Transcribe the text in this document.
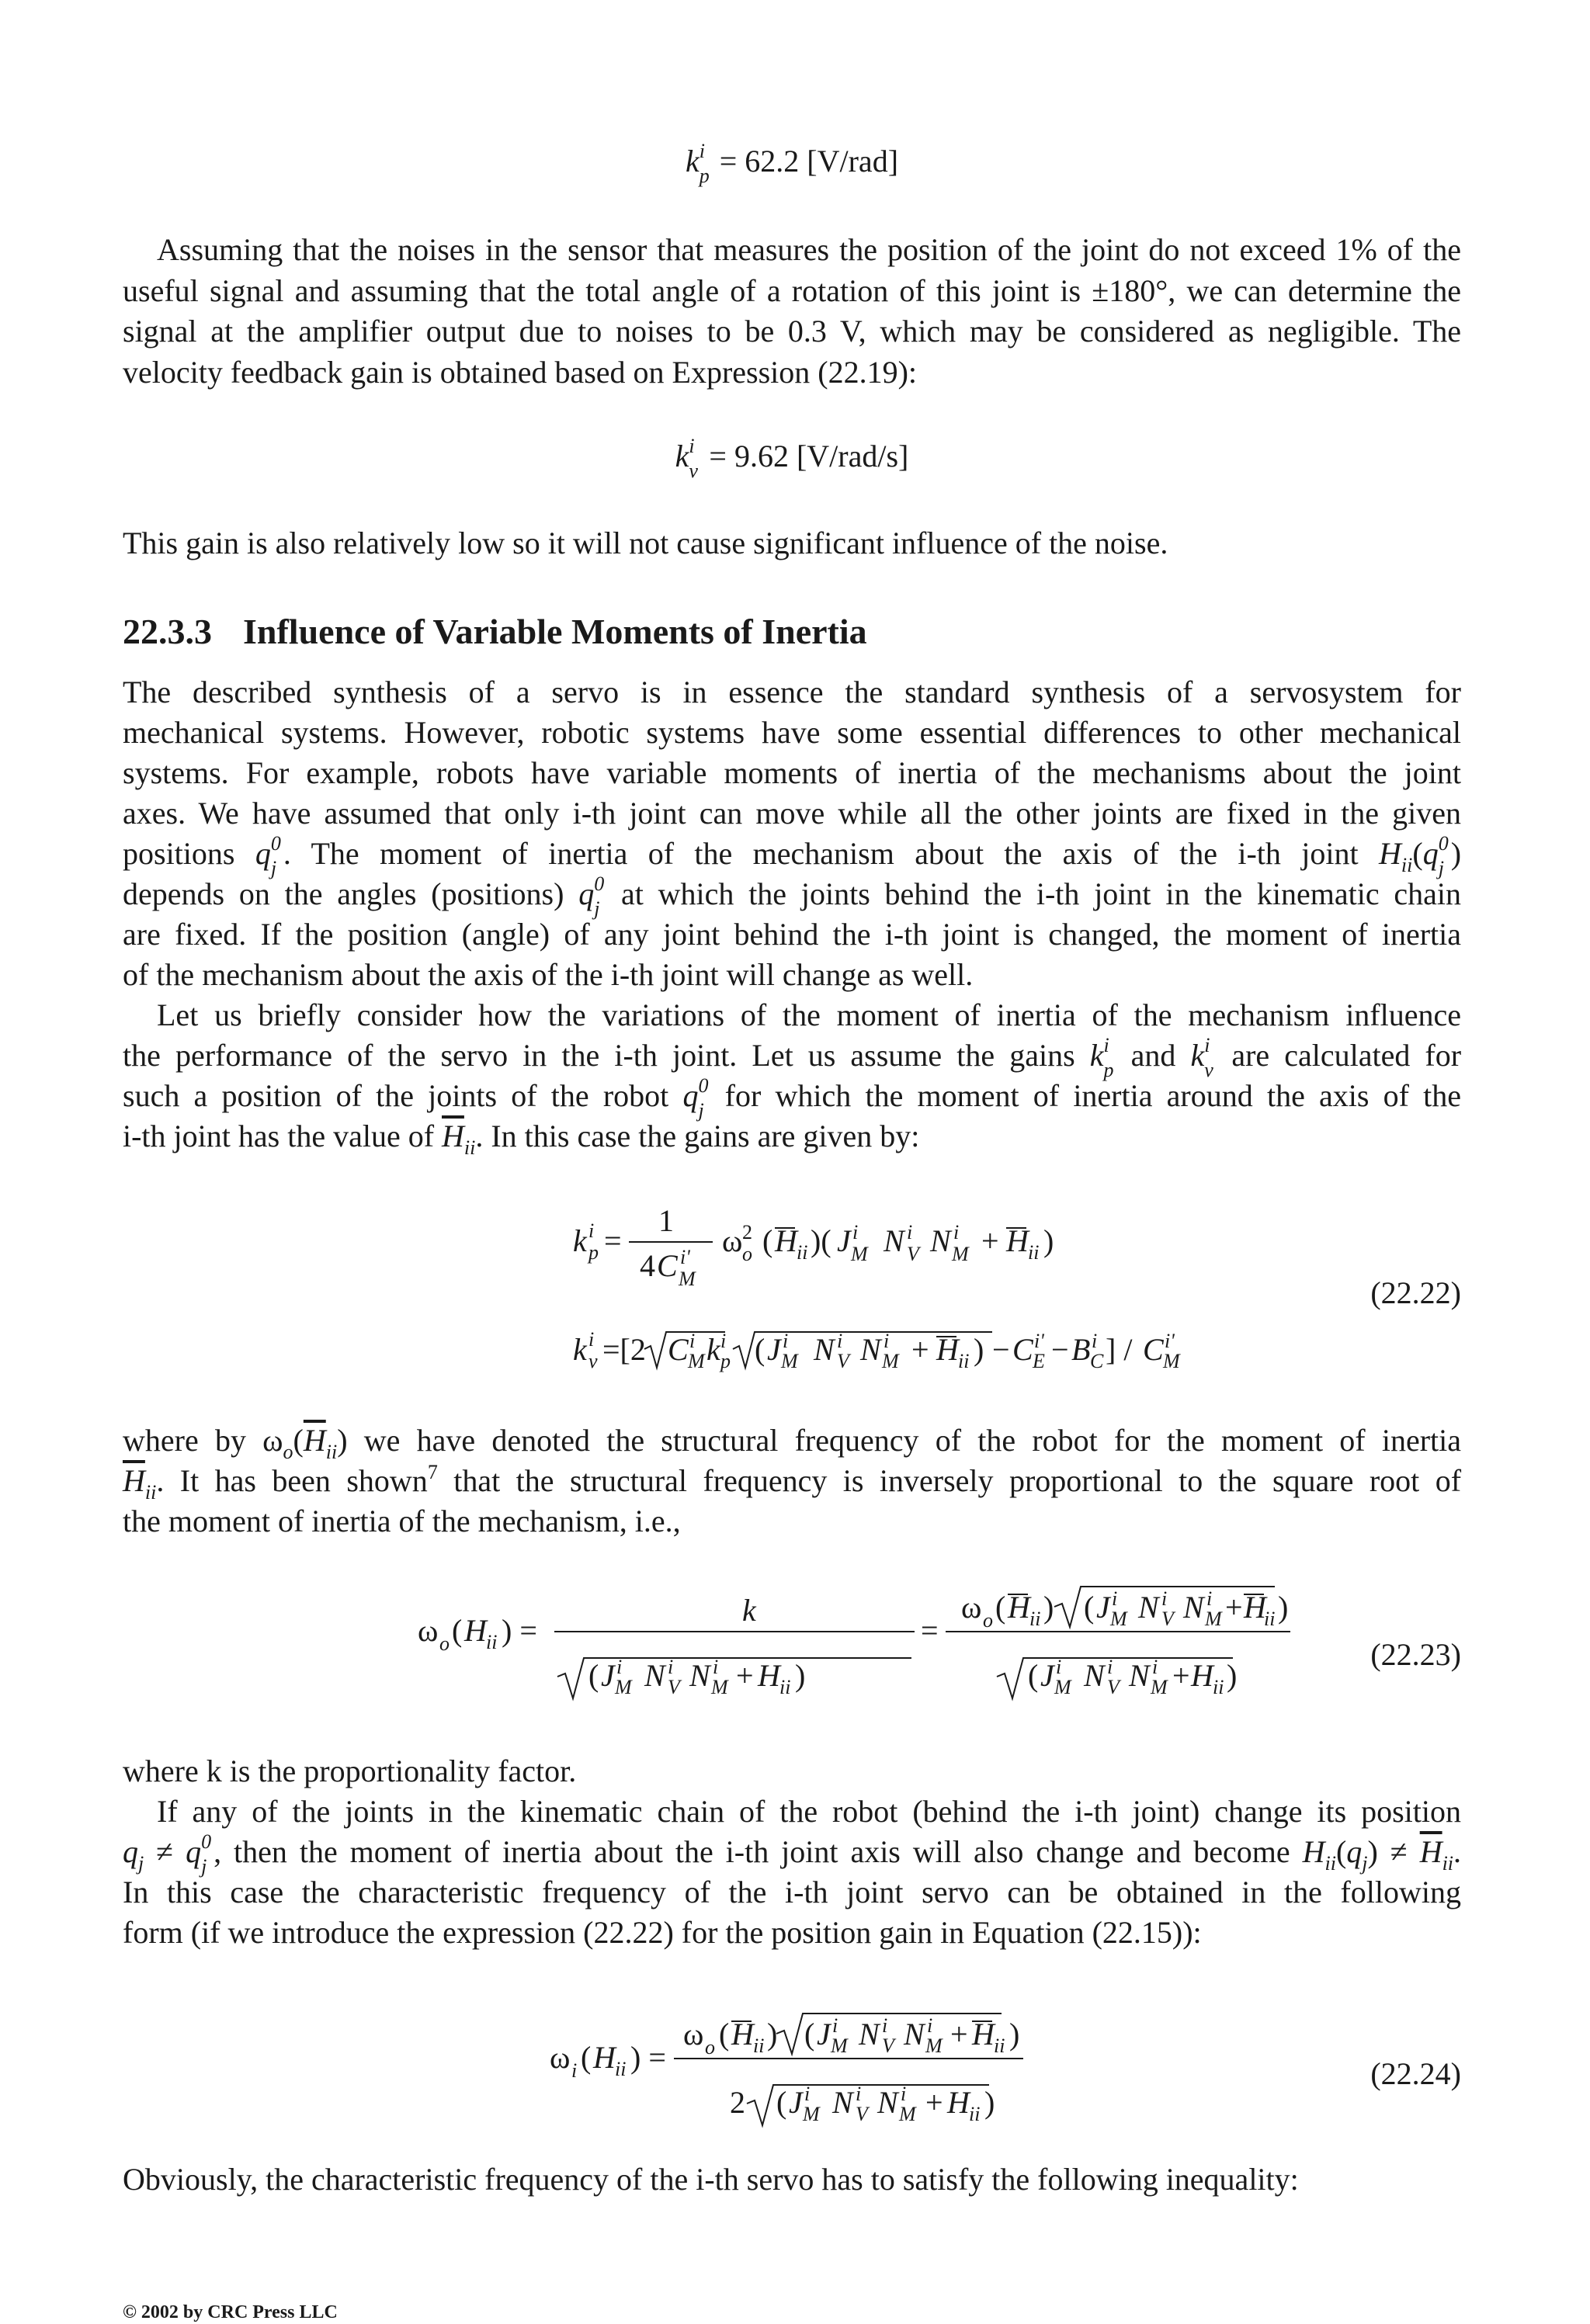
k i
p = 62.2 [V/rad]

Assuming that the noises in the sensor that measures the position of the joint do not exceed 1% of the useful signal and assuming that the total angle of a rotation of this joint is ±180°, we can determine the signal at the amplifier output due to noises to be 0.3 V, which may be considered as negligible. The velocity feedback gain is obtained based on Expression (22.19):

k i
v = 9.62 [V/rad/s]

This gain is also relatively low so it will not cause significant influence of the noise.

22.3.3 Influence of Variable Moments of Inertia

The described synthesis of a servo is in essence the standard synthesis of a servosystem for

mechanical systems. However, robotic systems have some essential differences to other mechanical

systems. For example, robots have variable moments of inertia of the mechanisms about the joint

axes. We have assumed that only i-th joint can move while all the other joints are fixed in the given

positions q 0
j . The moment of inertia of the mechanism about the axis of the i-th joint $H_{ii}(q$ 0
j )

depends on the angles (positions) q 0
j at which the joints behind the i-th joint in the kinematic chain

are fixed. If the position (angle) of any joint behind the i-th joint is changed, the moment of inertia

of the mechanism about the axis of the i-th joint will change as well.

Let us briefly consider how the variations of the moment of inertia of the mechanism influence

the performance of the servo in the i-th joint. Let us assume the gains k i
p and k i
v are calculated for

such a position of the joints of the robot q 0
j for which the moment of inertia around the axis of the

i-th joint has the value of $\overline{H}_{ii}$. In this case the gains are given by:

k i
p =
1
4 C i'
M
ω 2
o ( H ii )( J i
M N i
V N i
M + H ii )
k i
v =[2 C i
M k i
p ( J i
M N i
V N i
M + H ii ) − C i'
E − B i
C ] / C i'
M
(22.22)

where by $\omega_o(\overline{H}_{ii})$ we have denoted the structural frequency of the robot for the moment of inertia

$\overline{H}_{ii}$. It has been shown$^7$ that the structural frequency is inversely proportional to the square root of

the moment of inertia of the mechanism, i.e.,

ω o ( H ii ) =
k
( J i
M N i
V N i
M + H ii )
=
ω o ( H ii ) ( J i
M N i
V N i
M + H
ii )
( J i
M N i
V N i
M + H ii )
(22.23)

where k is the proportionality factor.

If any of the joints in the kinematic chain of the robot (behind the i-th joint) change its position

$q_j \ne q$ 0
j , then the moment of inertia about the i-th joint axis will also change and become $H_{ii}(q_j) \ne \overline{H}_{ii}$.

In this case the characteristic frequency of the i-th joint servo can be obtained in the following

form (if we introduce the expression (22.22) for the position gain in Equation (22.15)):

ω i ( H ii ) =
ω o ( H ii ) ( J i
M N i
V N i
M + H ii )
2 ( J i
M N i
V N i
M + H ii )
(22.24)

Obviously, the characteristic frequency of the i-th servo has to satisfy the following inequality:

© 2002 by CRC Press LLC
